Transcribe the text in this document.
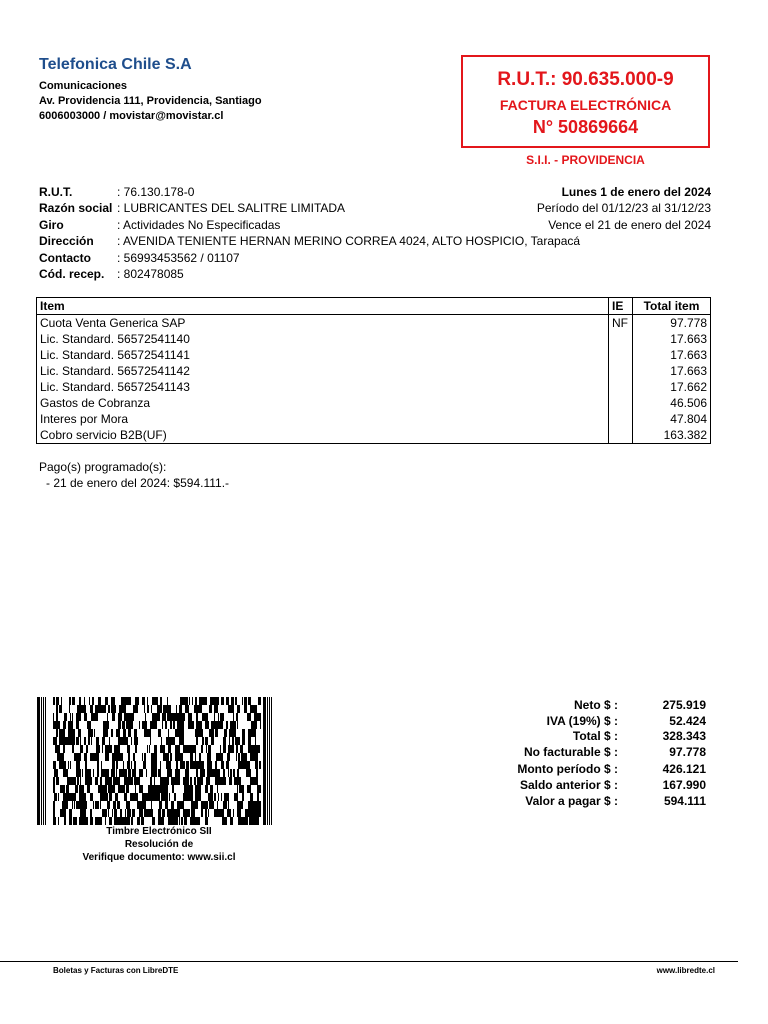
Telefonica Chile S.A
Comunicaciones
Av. Providencia 111, Providencia, Santiago
6006003000 / movistar@movistar.cl
R.U.T.: 90.635.000-9
FACTURA ELECTRÓNICA
N° 50869664
S.I.I. - PROVIDENCIA
R.U.T.	: 76.130.178-0
Razón social : LUBRICANTES DEL SALITRE LIMITADA
Giro	: Actividades No Especificadas
Dirección : AVENIDA TENIENTE HERNAN MERINO CORREA 4024, ALTO HOSPICIO, Tarapacá
Contacto : 56993453562 / 01107
Cód. recep. : 802478085
Lunes 1 de enero del 2024
Período del 01/12/23 al 31/12/23
Vence el 21 de enero del 2024
Item	IE	Total item
Cuota Venta Generica SAP	NF	97.778
Lic. Standard. 56572541140		17.663
Lic. Standard. 56572541141		17.663
Lic. Standard. 56572541142		17.663
Lic. Standard. 56572541143		17.662
Gastos de Cobranza		46.506
Interes por Mora		47.804
Cobro servicio B2B(UF)		163.382
Pago(s) programado(s):
- 21 de enero del 2024: $594.111.-
Timbre Electrónico SII
Resolución de
Verifique documento: www.sii.cl
Neto $ :	275.919
IVA (19%) $ :	52.424
Total $ :	328.343
No facturable $ :	97.778
Monto período $ :	426.121
Saldo anterior $ :	167.990
Valor a pagar $ :	594.111
Boletas y Facturas con LibreDTE	www.libredte.cl
